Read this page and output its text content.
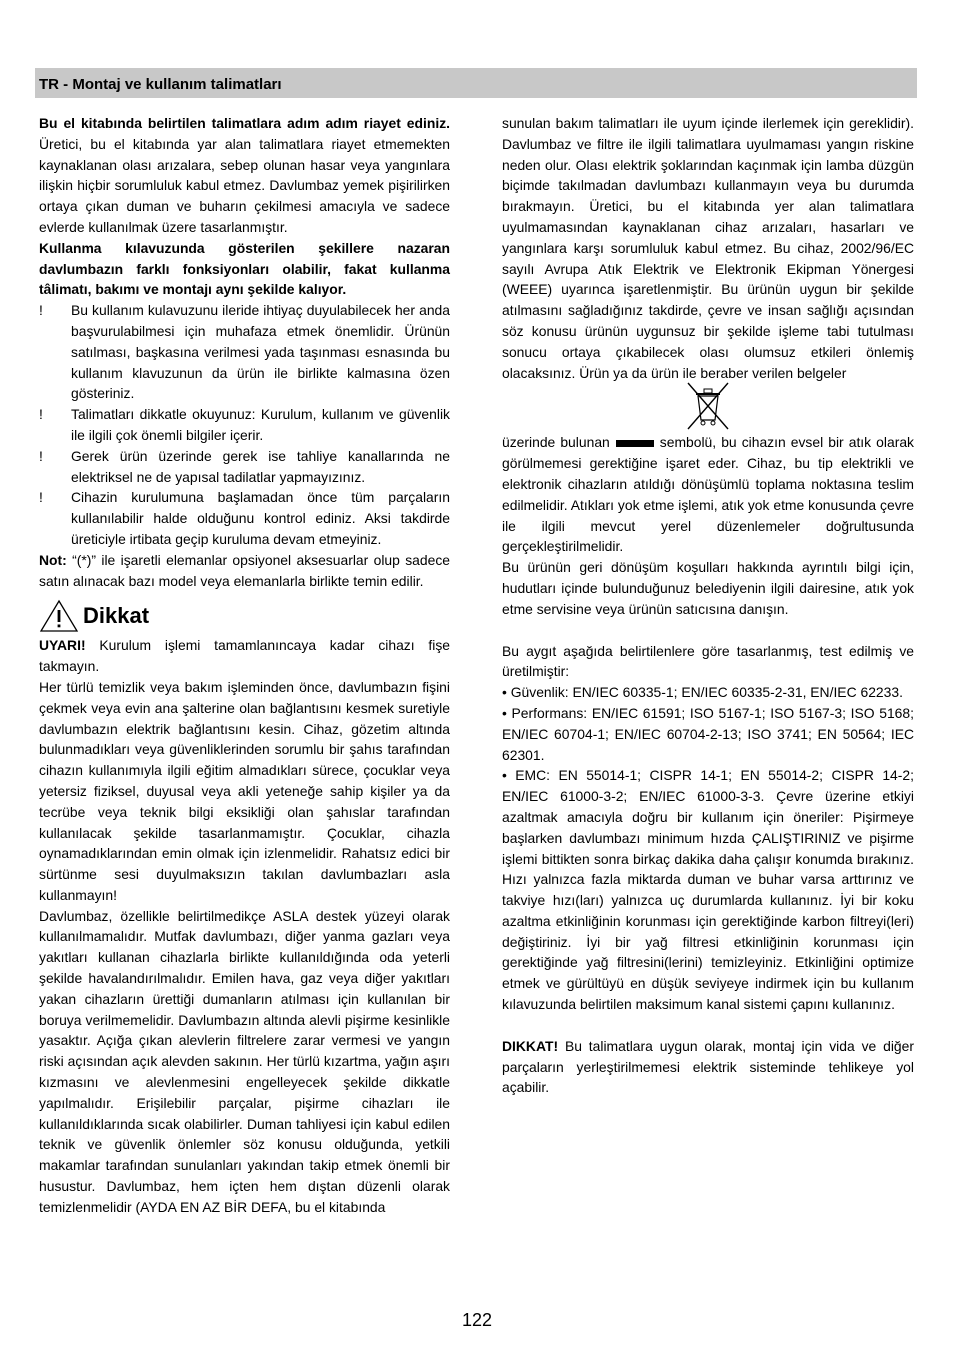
TR - Montaj ve kullanım talimatları

Bu el kitabında belirtilen talimatlara adım adım riayet ediniz. Üretici, bu el kitabında yar alan talimatlara riayet etmemekten kaynaklanan olası arızalara, sebep olunan hasar veya yangınlara ilişkin hiçbir sorumluluk kabul etmez. Davlumbaz yemek pişirilirken ortaya çıkan duman ve buharın çekilmesi amacıyla ve sadece evlerde kullanılmak üzere tasarlanmıştır.

Kullanma kılavuzunda gösterilen şekillere nazaran davlumbazın farklı fonksiyonları olabilir, fakat kullanma tâlimatı, bakımı ve montajı aynı şekilde kalıyor.

! Bu kullanım kulavuzunu ileride ihtiyaç duyulabilecek her anda başvurulabilmesi için muhafaza etmek önemlidir. Ürünün satılması, başkasına verilmesi yada taşınması esnasında bu kullanım klavuzunun da ürün ile birlikte kalmasına özen gösteriniz.
! Talimatları dikkatle okuyunuz: Kurulum, kullanım ve güvenlik ile ilgili çok önemli bilgiler içerir.
! Gerek ürün üzerinde gerek ise tahliye kanallarında ne elektriksel ne de yapısal tadilatlar yapmayızınız.
! Cihazin kurulumuna başlamadan önce tüm parçaların kullanılabilir halde olduğunu kontrol ediniz. Aksi takdirde üreticiyle irtibata geçip kuruluma devam etmeyiniz.

Not: “(*)” ile işaretli elemanlar opsiyonel aksesuarlar olup sadece satın alınacak bazı model veya elemanlarla birlikte temin edilir.

Dikkat

UYARI! Kurulum işlemi tamamlanıncaya kadar cihazı fişe takmayın.

Her türlü temizlik veya bakım işleminden önce, davlumbazın fişini çekmek veya evin ana şalterine olan bağlantısını kesmek suretiyle davlumbazın elektrik bağlantısını kesin. Cihaz, gözetim altında bulunmadıkları veya güvenliklerinden sorumlu bir şahıs tarafından cihazın kullanımıyla ilgili eğitim almadıkları sürece, çocuklar veya yetersiz fiziksel, duyusal veya akli yeteneğe sahip kişiler ya da tecrübe veya teknik bilgi eksikliği olan şahıslar tarafından kullanılacak şekilde tasarlanmamıştır. Çocuklar, cihazla oynamadıklarından emin olmak için izlenmelidir. Rahatsız edici bir sürtünme sesi duyulmaksızın takılan davlumbazları asla kullanmayın!

Davlumbaz, özellikle belirtilmedikçe ASLA destek yüzeyi olarak kullanılmamalıdır. Mutfak davlumbazı, diğer yanma gazları veya yakıtları kullanan cihazlarla birlikte kullanıldığında oda yeterli şekilde havalandırılmalıdır. Emilen hava, gaz veya diğer yakıtları yakan cihazların ürettiği dumanların atılması için kullanılan bir boruya verilmemelidir. Davlumbazın altında alevli pişirme kesinlikle yasaktır. Açığa çıkan alevlerin filtrelere zarar vermesi ve yangın riski açısından açık alevden sakının. Her türlü kızartma, yağın aşırı kızmasını ve alevlenmesini engelleyecek şekilde dikkatle yapılmalıdır. Erişilebilir parçalar, pişirme cihazları ile kullanıldıklarında sıcak olabilirler. Duman tahliyesi için kabul edilen teknik ve güvenlik önlemler söz konusu olduğunda, yetkili makamlar tarafından sunulanları yakından takip etmek önemli bir husustur. Davlumbaz, hem içten hem dıştan düzenli olarak temizlenmelidir (AYDA EN AZ BİR DEFA, bu el kitabında

sunulan bakım talimatları ile uyum içinde ilerlemek için gereklidir). Davlumbaz ve filtre ile ilgili talimatlara uyulmaması yangın riskine neden olur. Olası elektrik şoklarından kaçınmak için lamba düzgün biçimde takılmadan davlumbazı kullanmayın veya bu durumda bırakmayın. Üretici, bu el kitabında yer alan talimatlara uyulmamasından kaynaklanan cihaz arızaları, hasarları ve yangınlara karşı sorumluluk kabul etmez. Bu cihaz, 2002/96/EC sayılı Avrupa Atık Elektrik ve Elektronik Ekipman Yönergesi (WEEE) uyarınca işaretlenmiştir. Bu ürünün uygun bir şekilde atılmasını sağladığınız takdirde, çevre ve insan sağlığı açısından söz konusu ürünün uygunsuz bir şekilde işleme tabi tutulması sonucu ortaya çıkabilecek olası olumsuz etkileri önlemiş olacaksınız. Ürün ya da ürün ile beraber verilen belgeler

üzerinde bulunan	sembolü, bu cihazın evsel bir atık olarak görülmemesi gerektiğine işaret eder. Cihaz, bu tip elektrikli ve elektronik cihazların atıldığı dönüşümlü toplama noktasına teslim edilmelidir. Atıkları yok etme işlemi, atık yok etme konusunda çevre ile ilgili mevcut yerel düzenlemeler doğrultusunda gerçekleştirilmelidir.

Bu ürünün geri dönüşüm koşulları hakkında ayrıntılı bilgi için, hudutları içinde bulunduğunuz belediyenin ilgili dairesine, atık yok etme servisine veya ürünün satıcısına danışın.

Bu aygıt aşağıda belirtilenlere göre tasarlanmış, test edilmiş ve üretilmiştir:

• Güvenlik: EN/IEC 60335-1; EN/IEC 60335-2-31, EN/IEC 62233.

• Performans: EN/IEC 61591; ISO 5167-1; ISO 5167-3; ISO 5168; EN/IEC 60704-1; EN/IEC 60704-2-13; ISO 3741; EN 50564; IEC 62301.

• EMC: EN 55014-1; CISPR 14-1; EN 55014-2; CISPR 14-2; EN/IEC 61000-3-2; EN/IEC 61000-3-3. Çevre üzerine etkiyi azaltmak amacıyla doğru bir kullanım için öneriler: Pişirmeye başlarken davlumbazı minimum hızda ÇALIŞTIRINIZ ve pişirme işlemi bittikten sonra birkaç dakika daha çalışır konumda bırakınız. Hızı yalnızca fazla miktarda duman ve buhar varsa arttırınız ve takviye hızı(ları) yalnızca uç durumlarda kullanınız. İyi bir koku azaltma etkinliğinin korunması için gerektiğinde karbon filtreyi(leri) değiştiriniz. İyi bir yağ filtresi etkinliğinin korunması için gerektiğinde yağ filtresini(lerini) temizleyiniz. Etkinliğini optimize etmek ve gürültüyü en düşük seviyeye indirmek için bu kullanım kılavuzunda belirtilen maksimum kanal sistemi çapını kullanınız.

DIKKAT! Bu talimatlara uygun olarak, montaj için vida ve diğer parçaların yerleştirilmemesi elektrik sisteminde tehlikeye yol açabilir.

122
